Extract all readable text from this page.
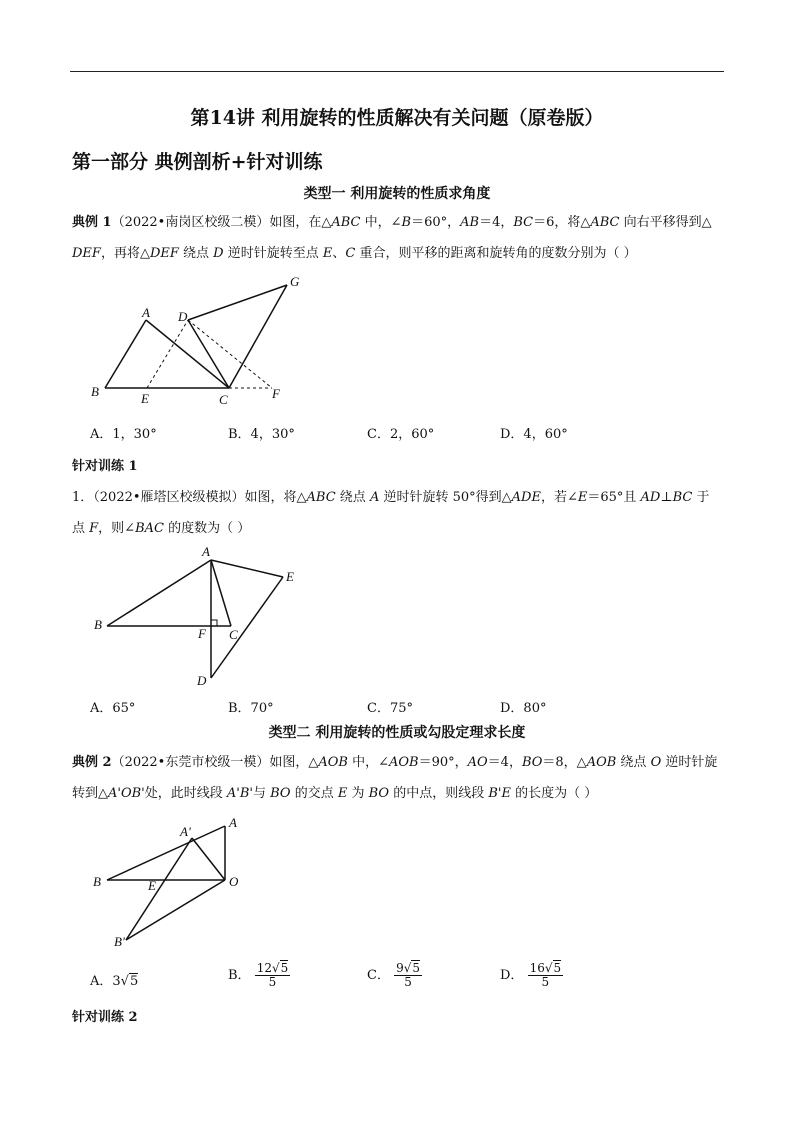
第14讲 利用旋转的性质解决有关问题（原卷版）
第一部分 典例剖析+针对训练
类型一 利用旋转的性质求角度
典例 1（2022•南岗区校级二模）如图，在△ABC 中，∠B＝60°，AB＝4，BC＝6，将△ABC 向右平移得到△
DEF，再将△DEF 绕点 D 逆时针旋转至点 E、C 重合，则平移的距离和旋转角的度数分别为（ ）
A
B
C
D
E	F
G
A．1，30°	B．4，30°	C．2，60°	D．4，60°
针对训练 1
1．（2022•雁塔区校级模拟）如图，将△ABC 绕点 A 逆时针旋转 50°得到△ADE，若∠E＝65°且 AD⊥BC 于
点 F，则∠BAC 的度数为（ ）
A
B
C
D
E
F
A．65°	B．70°	C．75°	D．80°
类型二 利用旋转的性质或勾股定理求长度
典例 2（2022•东莞市校级一模）如图，△AOB 中，∠AOB＝90°，AO＝4，BO＝8，△AOB 绕点 O 逆时针旋
转到△A'OB'处，此时线段 A'B'与 BO 的交点 E 为 BO 的中点，则线段 B'E 的长度为（ ）
A'
A
B	E	O
B'
A．3√5	B． $\frac{12√5}{5}$	C． $\frac{9√5}{5}$	D． $\frac{16√5}{5}$
针对训练 2
